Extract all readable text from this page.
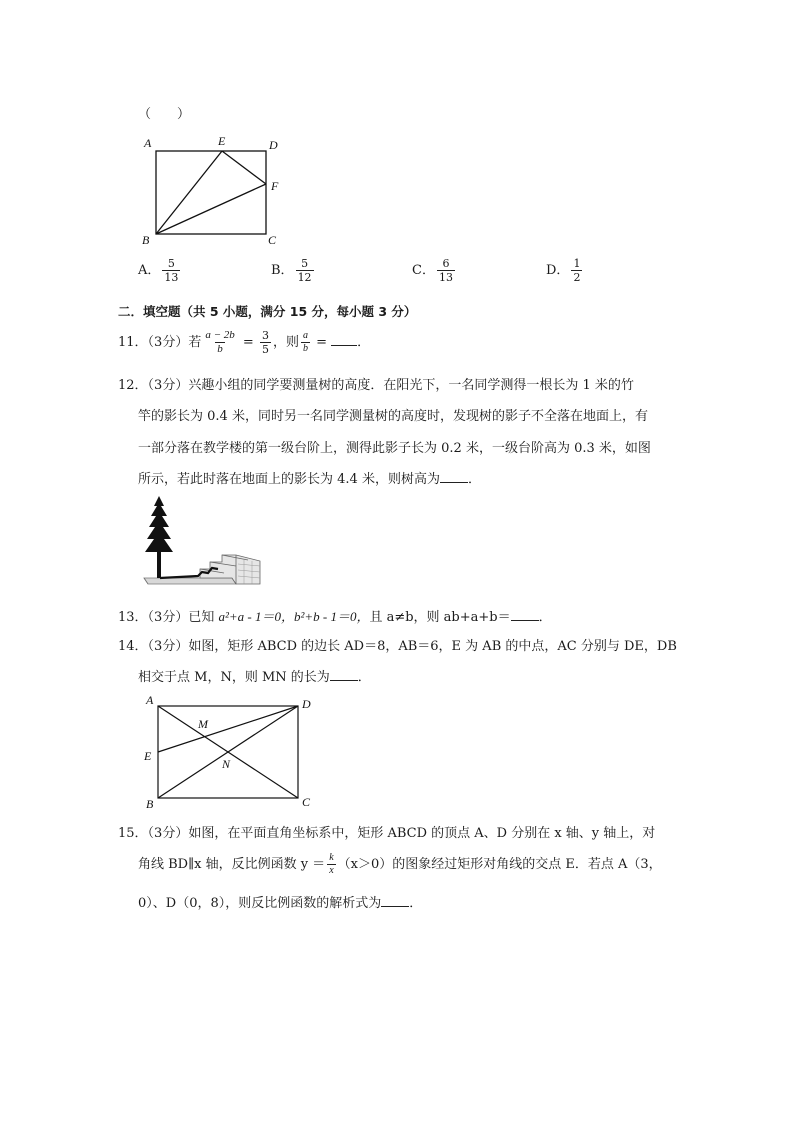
（　　）
A	E	D
F
B	C
A． $\frac{5}{13}$	B． $\frac{5}{12}$	C． $\frac{6}{13}$	D． $\frac{1}{2}$
二．填空题（共 5 小题，满分 15 分，每小题 3 分）
11．（3分）若 $\frac{a - 2b}{b} = \frac{3}{5}$ ，则 $\frac{a}{b}$ = ．
12．（3分）兴趣小组的同学要测量树的高度．在阳光下，一名同学测得一根长为 1 米的竹
竿的影长为 0.4 米，同时另一名同学测量树的高度时，发现树的影子不全落在地面上，有
一部分落在教学楼的第一级台阶上，测得此影子长为 0.2 米，一级台阶高为 0.3 米，如图
所示，若此时落在地面上的影长为 4.4 米，则树高为 ．
13．（3分）已知 a²+a - 1＝0，b²+b - 1＝0，且 a≠b，则 ab+a+b＝ ．
14．（3分）如图，矩形 ABCD 的边长 AD＝8，AB＝6，E 为 AB 的中点，AC 分别与 DE，DB
相交于点 M，N，则 MN 的长为 ．
A	D
M
E
N
B	C
15．（3分）如图，在平面直角坐标系中，矩形 ABCD 的顶点 A、D 分别在 x 轴、y 轴上，对
角线 BD∥x 轴，反比例函数 $y = \frac{k}{x} (x>0)$的图象经过矩形对角线的交点 E．若点 A（3，
0）、D（0，8），则反比例函数的解析式为 ．
